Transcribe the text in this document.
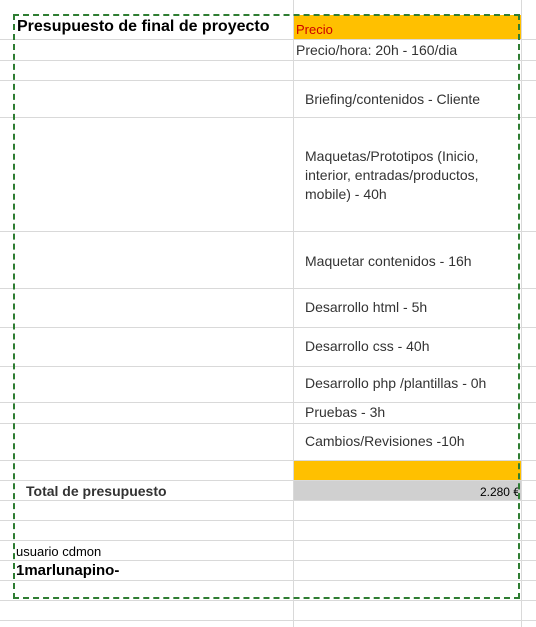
Presupuesto de final de proyecto Precio
Precio/hora: 20h - 160/dia
Briefing/contenidos - Cliente
Maquetas/Prototipos (Inicio, interior, entradas/productos, mobile) - 40h
Maquetar contenidos - 16h
Desarrollo html - 5h
Desarrollo css - 40h
Desarrollo php /plantillas - 0h
Pruebas - 3h
Cambios/Revisiones -10h
Total de presupuesto	2.280 €
usuario cdmon
1marlunapino-
